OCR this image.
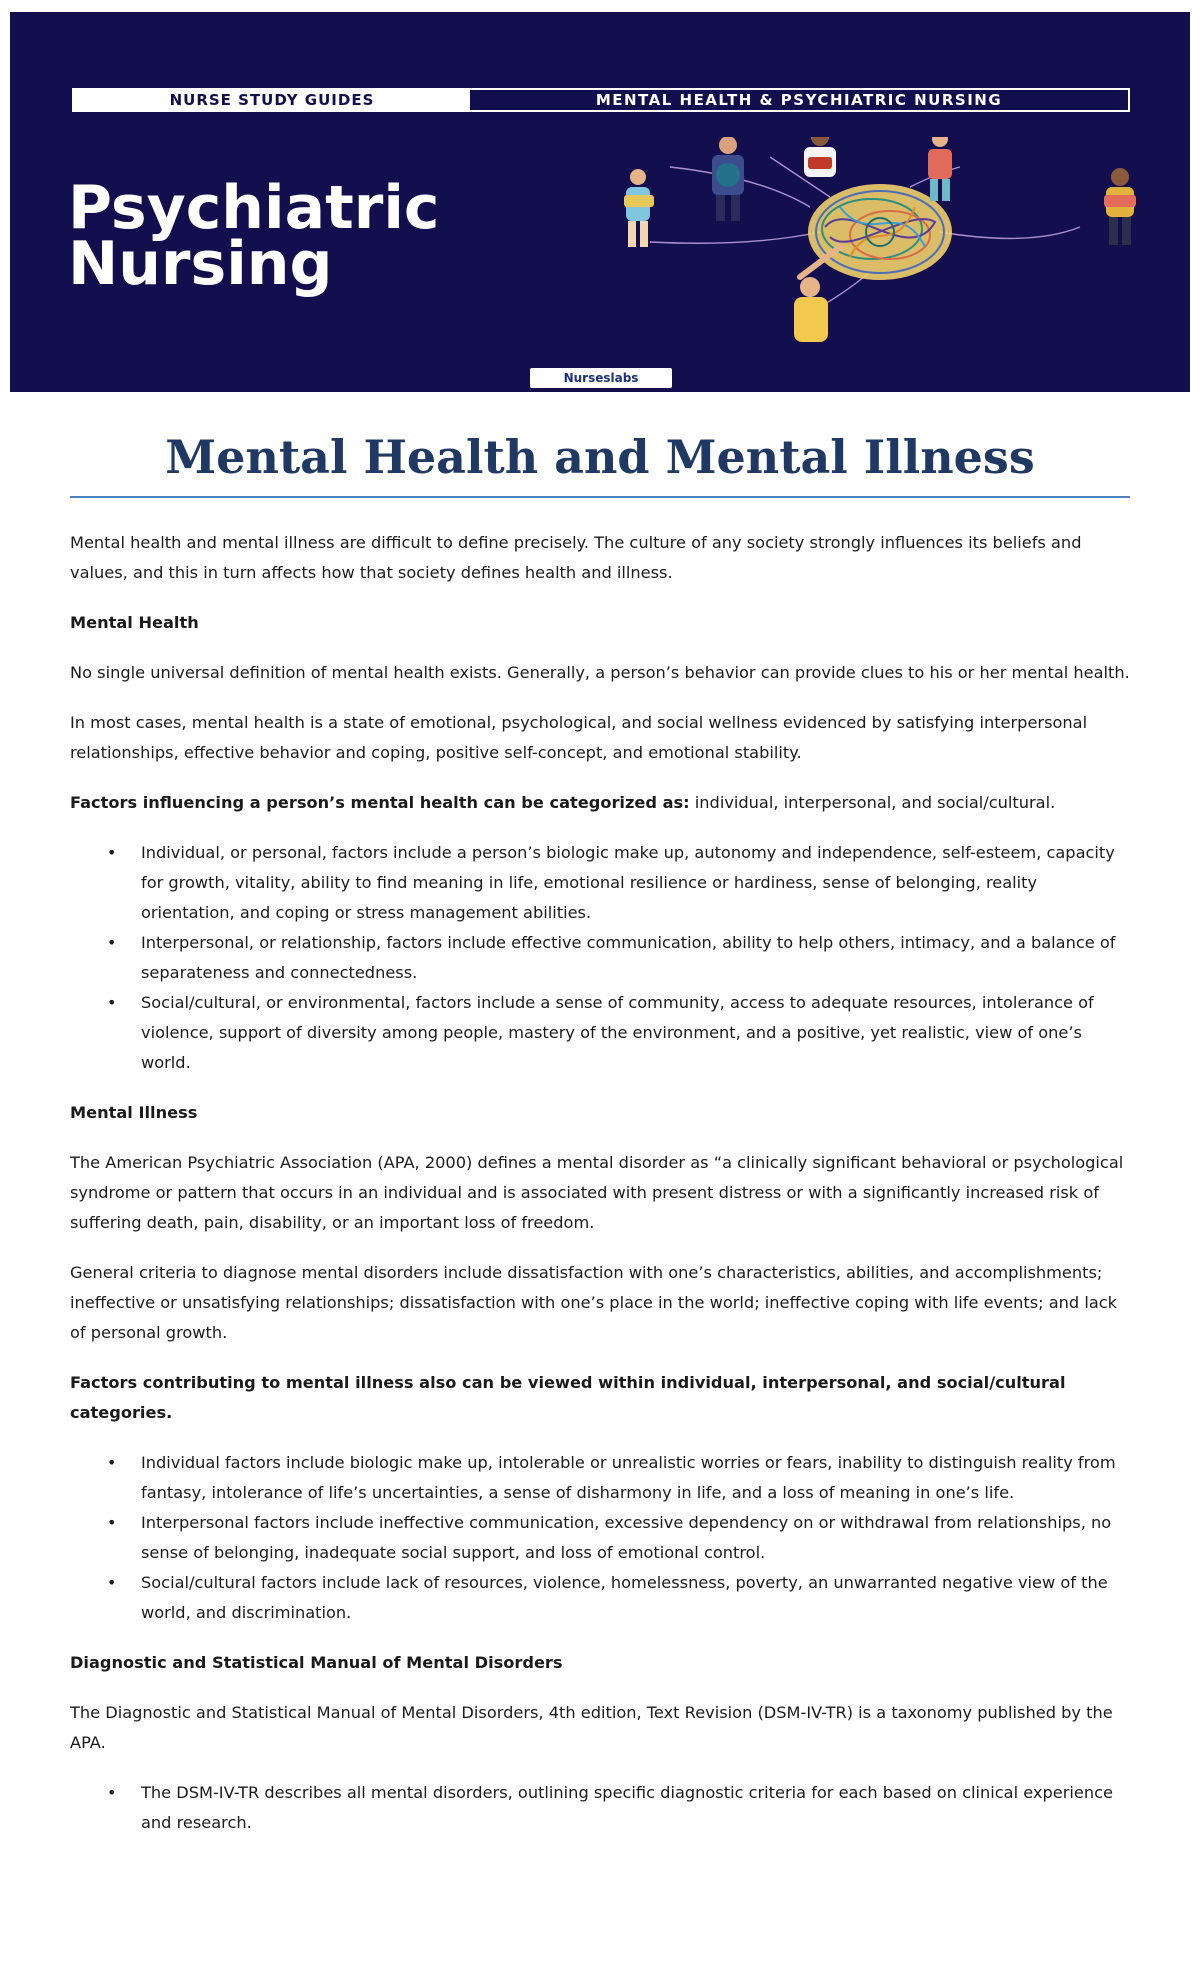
NURSE STUDY GUIDES	MENTAL HEALTH & PSYCHIATRIC NURSING
Psychiatric
Nursing
Nurseslabs
Mental Health and Mental Illness

Mental health and mental illness are difficult to define precisely. The culture of any society strongly influences its beliefs and values, and this in turn affects how that society defines health and illness.

Mental Health

No single universal definition of mental health exists. Generally, a person’s behavior can provide clues to his or her mental health.

In most cases, mental health is a state of emotional, psychological, and social wellness evidenced by satisfying interpersonal relationships, effective behavior and coping, positive self-concept, and emotional stability.

Factors influencing a person’s mental health can be categorized as: individual, interpersonal, and social/cultural.

• Individual, or personal, factors include a person’s biologic make up, autonomy and independence, self-esteem, capacity for growth, vitality, ability to find meaning in life, emotional resilience or hardiness, sense of belonging, reality orientation, and coping or stress management abilities.
• Interpersonal, or relationship, factors include effective communication, ability to help others, intimacy, and a balance of separateness and connectedness.
• Social/cultural, or environmental, factors include a sense of community, access to adequate resources, intolerance of violence, support of diversity among people, mastery of the environment, and a positive, yet realistic, view of one’s world.

Mental Illness

The American Psychiatric Association (APA, 2000) defines a mental disorder as “a clinically significant behavioral or psychological syndrome or pattern that occurs in an individual and is associated with present distress or with a significantly increased risk of suffering death, pain, disability, or an important loss of freedom.

General criteria to diagnose mental disorders include dissatisfaction with one’s characteristics, abilities, and accomplishments; ineffective or unsatisfying relationships; dissatisfaction with one’s place in the world; ineffective coping with life events; and lack of personal growth.

Factors contributing to mental illness also can be viewed within individual, interpersonal, and social/cultural categories.

• Individual factors include biologic make up, intolerable or unrealistic worries or fears, inability to distinguish reality from fantasy, intolerance of life’s uncertainties, a sense of disharmony in life, and a loss of meaning in one’s life.
• Interpersonal factors include ineffective communication, excessive dependency on or withdrawal from relationships, no sense of belonging, inadequate social support, and loss of emotional control.
• Social/cultural factors include lack of resources, violence, homelessness, poverty, an unwarranted negative view of the world, and discrimination.

Diagnostic and Statistical Manual of Mental Disorders

The Diagnostic and Statistical Manual of Mental Disorders, 4th edition, Text Revision (DSM-IV-TR) is a taxonomy published by the APA.

• The DSM-IV-TR describes all mental disorders, outlining specific diagnostic criteria for each based on clinical experience and research.
